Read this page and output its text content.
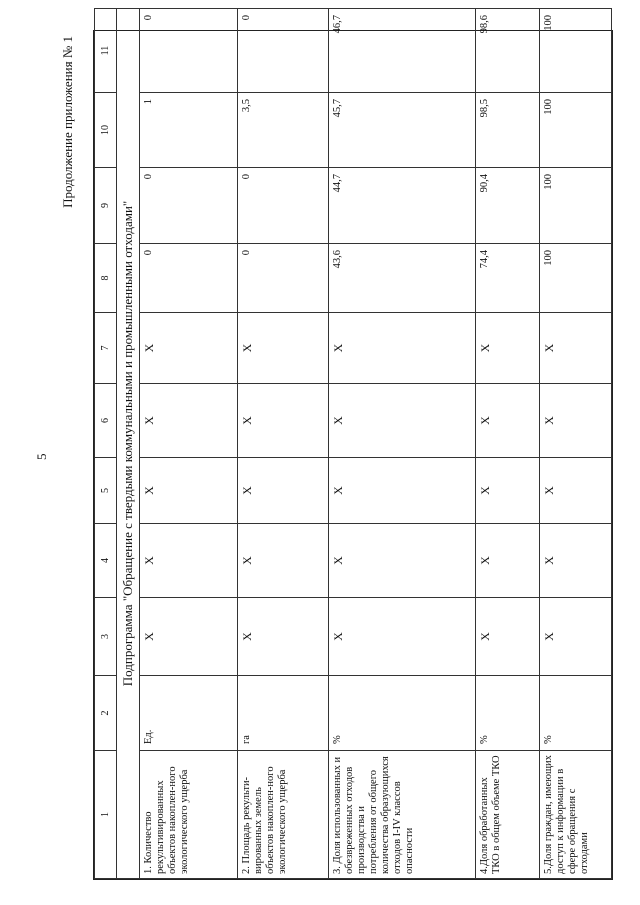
5
Продолжение приложения № 1
1	2	3	4	5	6	7	8	9	10	11
Подпрограмма "Обращение с твердыми коммунальными и промышленными отходами"										
1. Количество рекультивированных объектов накоплен-ного экологического ущерба	Ед.	X	X	X	X	X	0	0	1	0
2. Площадь рекульти-вированных земель объектов накоплен-ного экологического ущерба	га	X	X	X	X	X	0	0	3,5	0
3. Доля использованных и обезвреженных отходов производства и потребления от общего количества образующихся отходов I-IV классов опасности	%	X	X	X	X	X	43,6	44,7	45,7	46,7
4.Доля обработанных ТКО в общем объеме ТКО	%	X	X	X	X	X	74,4	90,4	98,5	98,6
5.Доля граждан, имеющих доступ к информации в сфере обращения с отходами	%	X	X	X	X	X	100	100	100	100
